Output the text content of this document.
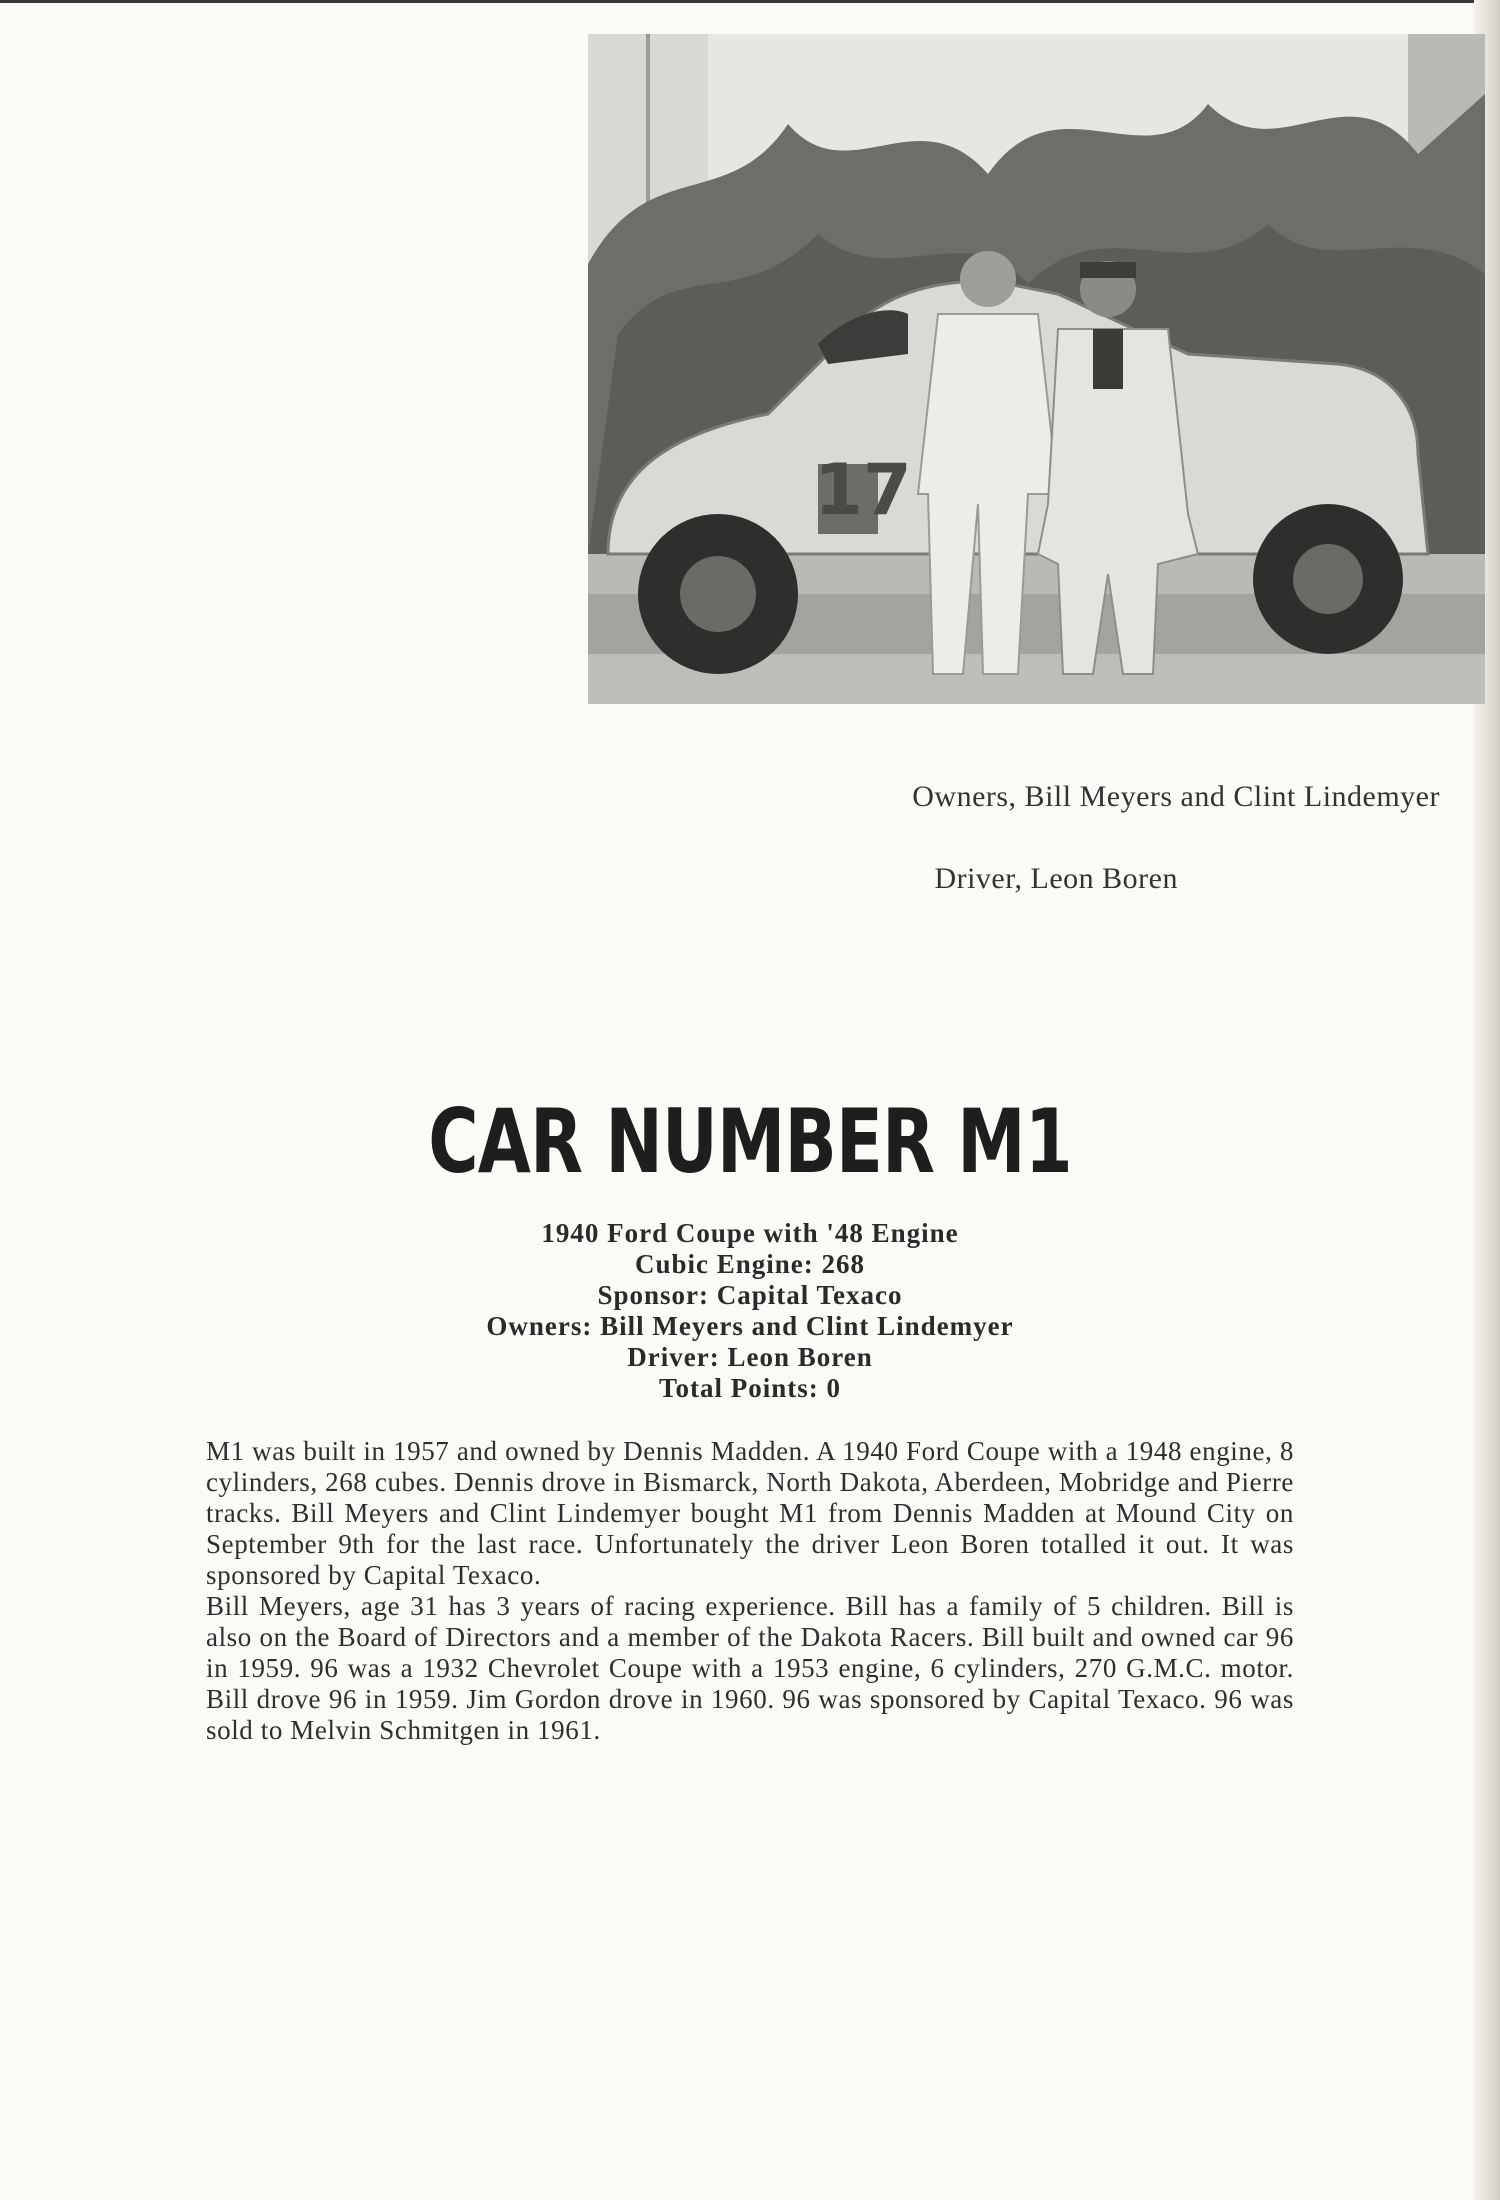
17
Owners, Bill Meyers and Clint Lindemyer
Driver, Leon Boren
CAR NUMBER M1
1940 Ford Coupe with '48 Engine
Cubic Engine: 268
Sponsor: Capital Texaco
Owners: Bill Meyers and Clint Lindemyer
Driver: Leon Boren
Total Points: 0

M1 was built in 1957 and owned by Dennis Madden. A 1940 Ford Coupe with a 1948 engine, 8 cylinders, 268 cubes. Dennis drove in Bismarck, North Dakota, Aberdeen, Mobridge and Pierre tracks. Bill Meyers and Clint Lindemyer bought M1 from Dennis Madden at Mound City on September 9th for the last race. Unfortunately the driver Leon Boren totalled it out. It was sponsored by Capital Texaco.

Bill Meyers, age 31 has 3 years of racing experience. Bill has a family of 5 children. Bill is also on the Board of Directors and a member of the Dakota Racers. Bill built and owned car 96 in 1959. 96 was a 1932 Chevrolet Coupe with a 1953 engine, 6 cylinders, 270 G.M.C. motor. Bill drove 96 in 1959. Jim Gordon drove in 1960. 96 was sponsored by Capital Texaco. 96 was sold to Melvin Schmitgen in 1961.
